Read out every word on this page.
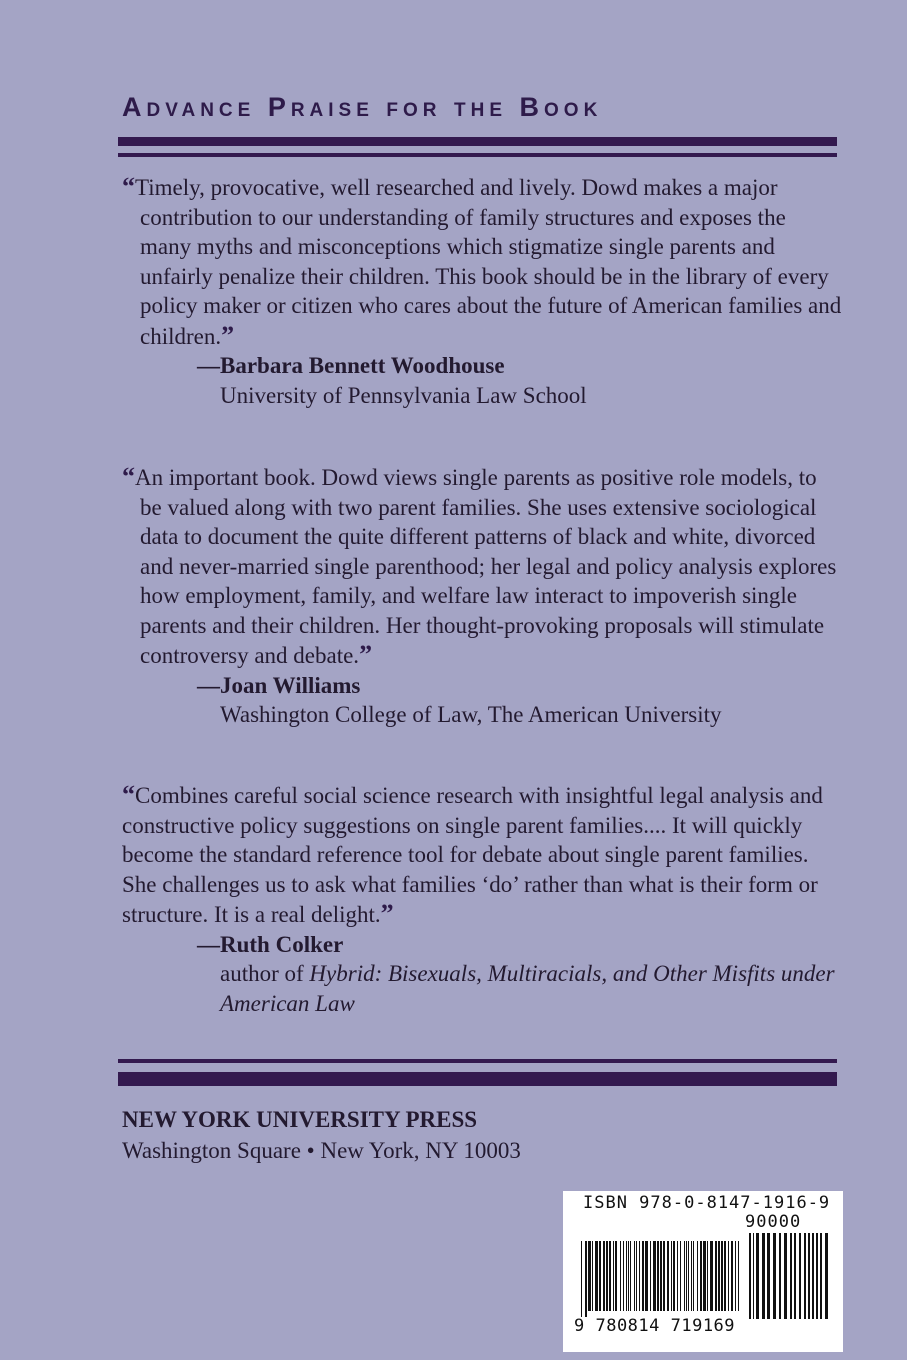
Advance Praise for the Book
“Timely, provocative, well researched and lively. Dowd makes a major contribution to our understanding of family structures and exposes the many myths and misconceptions which stigmatize single parents and unfairly penalize their children. This book should be in the library of every policy maker or citizen who cares about the future of American families and children.”
—Barbara Bennett Woodhouse
University of Pennsylvania Law School
“An important book. Dowd views single parents as positive role models, to be valued along with two parent families. She uses extensive sociological data to document the quite different patterns of black and white, divorced and never-married single parenthood; her legal and policy analysis explores how employment, family, and welfare law interact to impoverish single parents and their children. Her thought-provoking proposals will stimulate controversy and debate.”
—Joan Williams
Washington College of Law, The American University
“Combines careful social science research with insightful legal analysis and constructive policy suggestions on single parent families.... It will quickly become the standard reference tool for debate about single parent families. She challenges us to ask what families ‘do’ rather than what is their form or structure. It is a real delight.”
—Ruth Colker
author of Hybrid: Bisexuals, Multiracials, and Other Misfits under American Law
NEW YORK UNIVERSITY PRESS
Washington Square • New York, NY 10003
ISBN 978-0-8147-1916-9
90000
9 780814 719169
